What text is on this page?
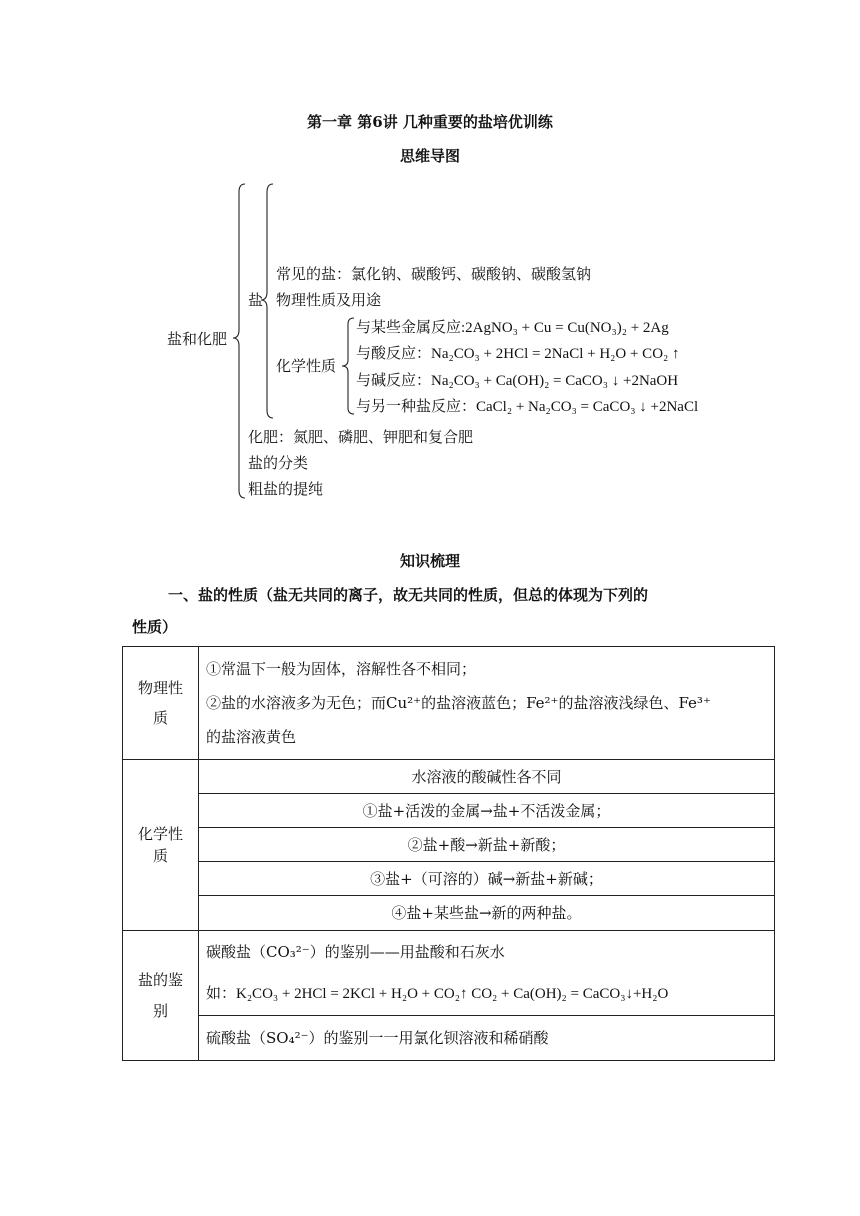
第一章 第6讲 几种重要的盐培优训练
思维导图
盐和化肥
盐
常见的盐：氯化钠、碳酸钙、碳酸钠、碳酸氢钠
物理性质及用途
化学性质
与某些金属反应:2AgNO₃ + Cu = Cu(NO₃)₂ + 2Ag
与酸反应：Na₂CO₃ + 2HCl = 2NaCl + H₂O + CO₂ ↑
与碱反应：Na₂CO₃ + Ca(OH)₂ = CaCO₃ ↓ +2NaOH
与另一种盐反应：CaCl₂ + Na₂CO₃ = CaCO₃ ↓ +2NaCl
化肥：氮肥、磷肥、钾肥和复合肥
盐的分类
粗盐的提纯
知识梳理
一、盐的性质（盐无共同的离子，故无共同的性质，但总的体现为下列的
性质）
物理性质	①常温下一般为固体，溶解性各不相同；
②盐的水溶液多为无色；而Cu²⁺的盐溶液蓝色；Fe²⁺的盐溶液浅绿色、Fe³⁺
的盐溶液黄色

化学性质	水溶液的酸碱性各不同
	①盐+活泼的金属→盐+不活泼金属；
	②盐+酸→新盐+新酸；
	③盐+（可溶的）碱→新盐+新碱；
	④盐+某些盐→新的两种盐。
盐的鉴别	碳酸盐（CO₃²⁻）的鉴别——用盐酸和石灰水
如：K₂CO₃ + 2HCl = 2KCl + H₂O + CO₂↑ CO₂ + Ca(OH)₂ = CaCO₃↓+H₂O

	硫酸盐（SO₄²⁻）的鉴别一一用氯化钡溶液和稀硝酸
